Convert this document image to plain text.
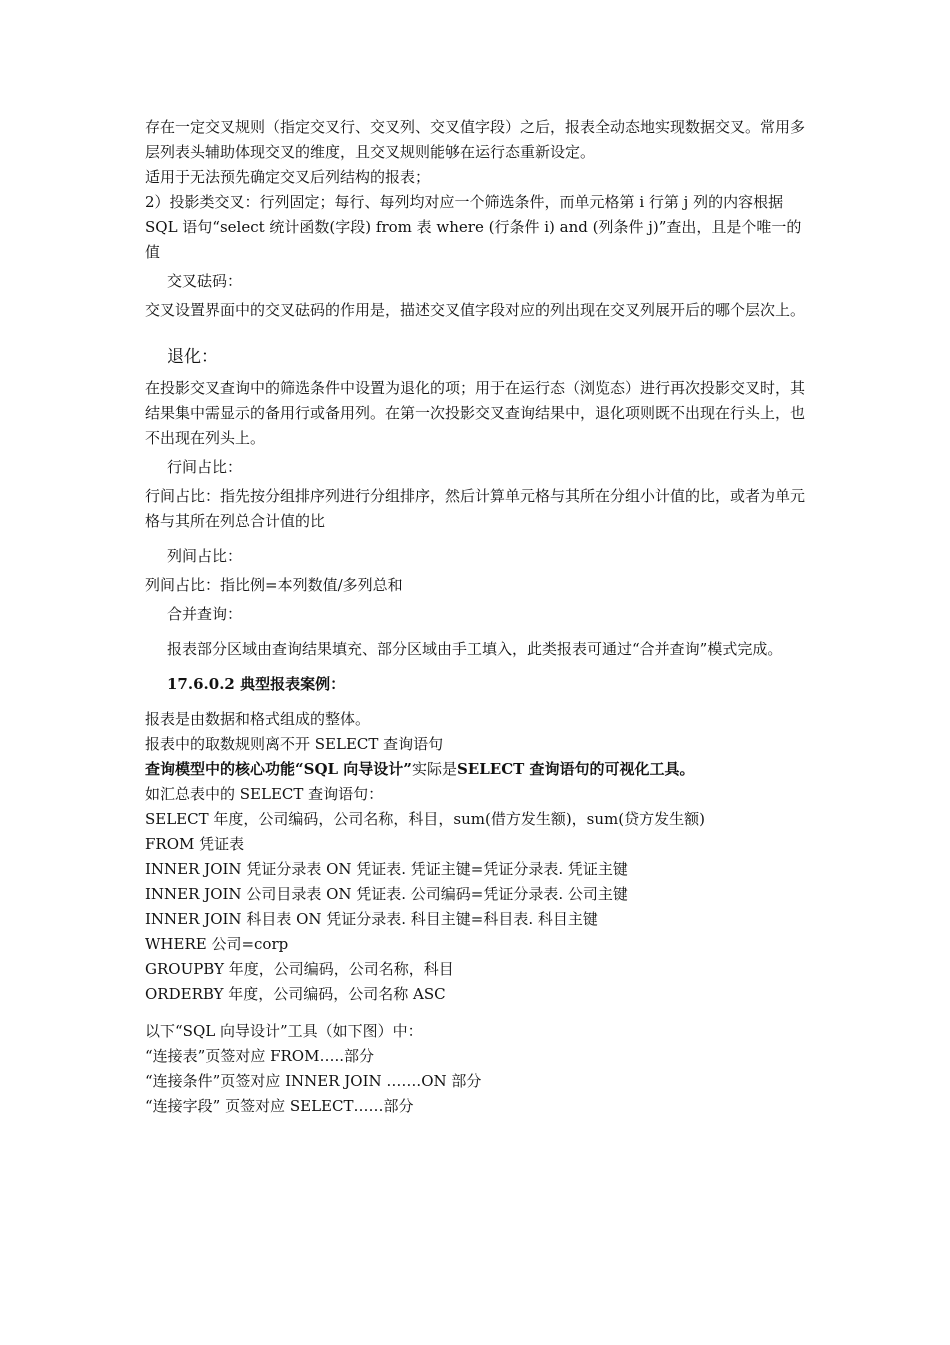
存在一定交叉规则（指定交叉行、交叉列、交叉值字段）之后，报表全动态地实现数据交叉。常用多层列表头辅助体现交叉的维度，且交叉规则能够在运行态重新设定。

适用于无法预先确定交叉后列结构的报表；

2）投影类交叉：行列固定；每行、每列均对应一个筛选条件，而单元格第 i 行第 j 列的内容根据 SQL 语句“select 统计函数(字段) from 表 where (行条件 i) and (列条件 j)”查出，且是个唯一的值

交叉砝码：

交叉设置界面中的交叉砝码的作用是，描述交叉值字段对应的列出现在交叉列展开后的哪个层次上。

退化：

在投影交叉查询中的筛选条件中设置为退化的项；用于在运行态（浏览态）进行再次投影交叉时，其结果集中需显示的备用行或备用列。在第一次投影交叉查询结果中，退化项则既不出现在行头上，也不出现在列头上。

行间占比：

行间占比：指先按分组排序列进行分组排序，然后计算单元格与其所在分组小计值的比，或者为单元格与其所在列总合计值的比

列间占比：

列间占比：指比例=本列数值/多列总和

合并查询：

报表部分区域由查询结果填充、部分区域由手工填入，此类报表可通过“合并查询”模式完成。

17.6.0.2 典型报表案例：

报表是由数据和格式组成的整体。

报表中的取数规则离不开 SELECT 查询语句

查询模型中的核心功能“SQL 向导设计”实际是SELECT 查询语句的可视化工具。

如汇总表中的 SELECT 查询语句：

SELECT 年度，公司编码，公司名称，科目，sum(借方发生额)，sum(贷方发生额)

FROM 凭证表

INNER JOIN 凭证分录表 ON 凭证表. 凭证主键=凭证分录表. 凭证主键

INNER JOIN 公司目录表 ON 凭证表. 公司编码=凭证分录表. 公司主键

INNER JOIN 科目表 ON 凭证分录表. 科目主键=科目表. 科目主键

WHERE 公司=corp

GROUPBY 年度，公司编码，公司名称，科目

ORDERBY 年度，公司编码，公司名称 ASC

以下“SQL 向导设计”工具（如下图）中：

“连接表”页签对应 FROM…..部分

“连接条件”页签对应 INNER JOIN …….ON 部分

“连接字段” 页签对应 SELECT……部分
